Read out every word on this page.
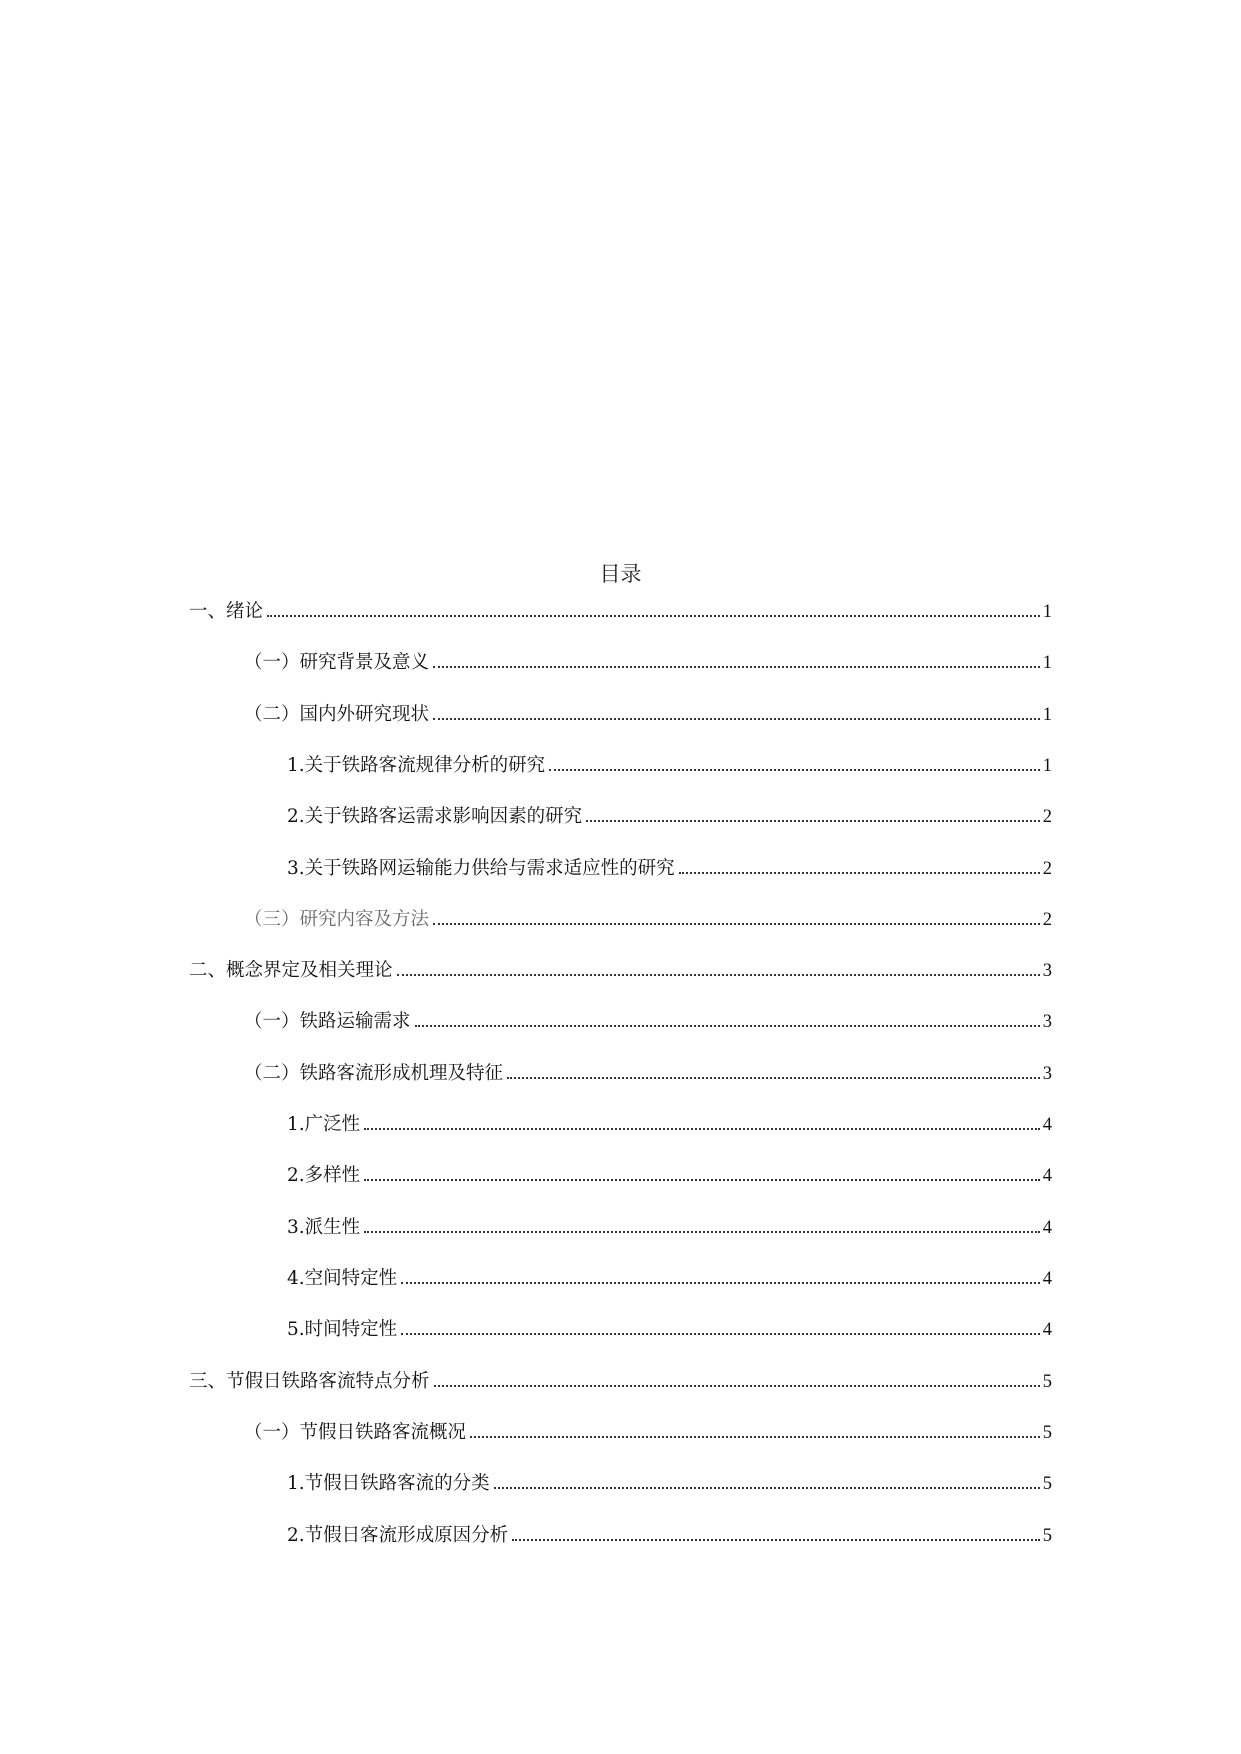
目录
一、绪论	1
（一）研究背景及意义	1
（二）国内外研究现状	1
1.关于铁路客流规律分析的研究	1
2.关于铁路客运需求影响因素的研究	2
3.关于铁路网运输能力供给与需求适应性的研究	2
（三）研究内容及方法	2
二、概念界定及相关理论	3
（一）铁路运输需求	3
（二）铁路客流形成机理及特征	3
1.广泛性	4
2.多样性	4
3.派生性	4
4.空间特定性	4
5.时间特定性	4
三、节假日铁路客流特点分析	5
（一）节假日铁路客流概况	5
1.节假日铁路客流的分类	5
2.节假日客流形成原因分析	5
